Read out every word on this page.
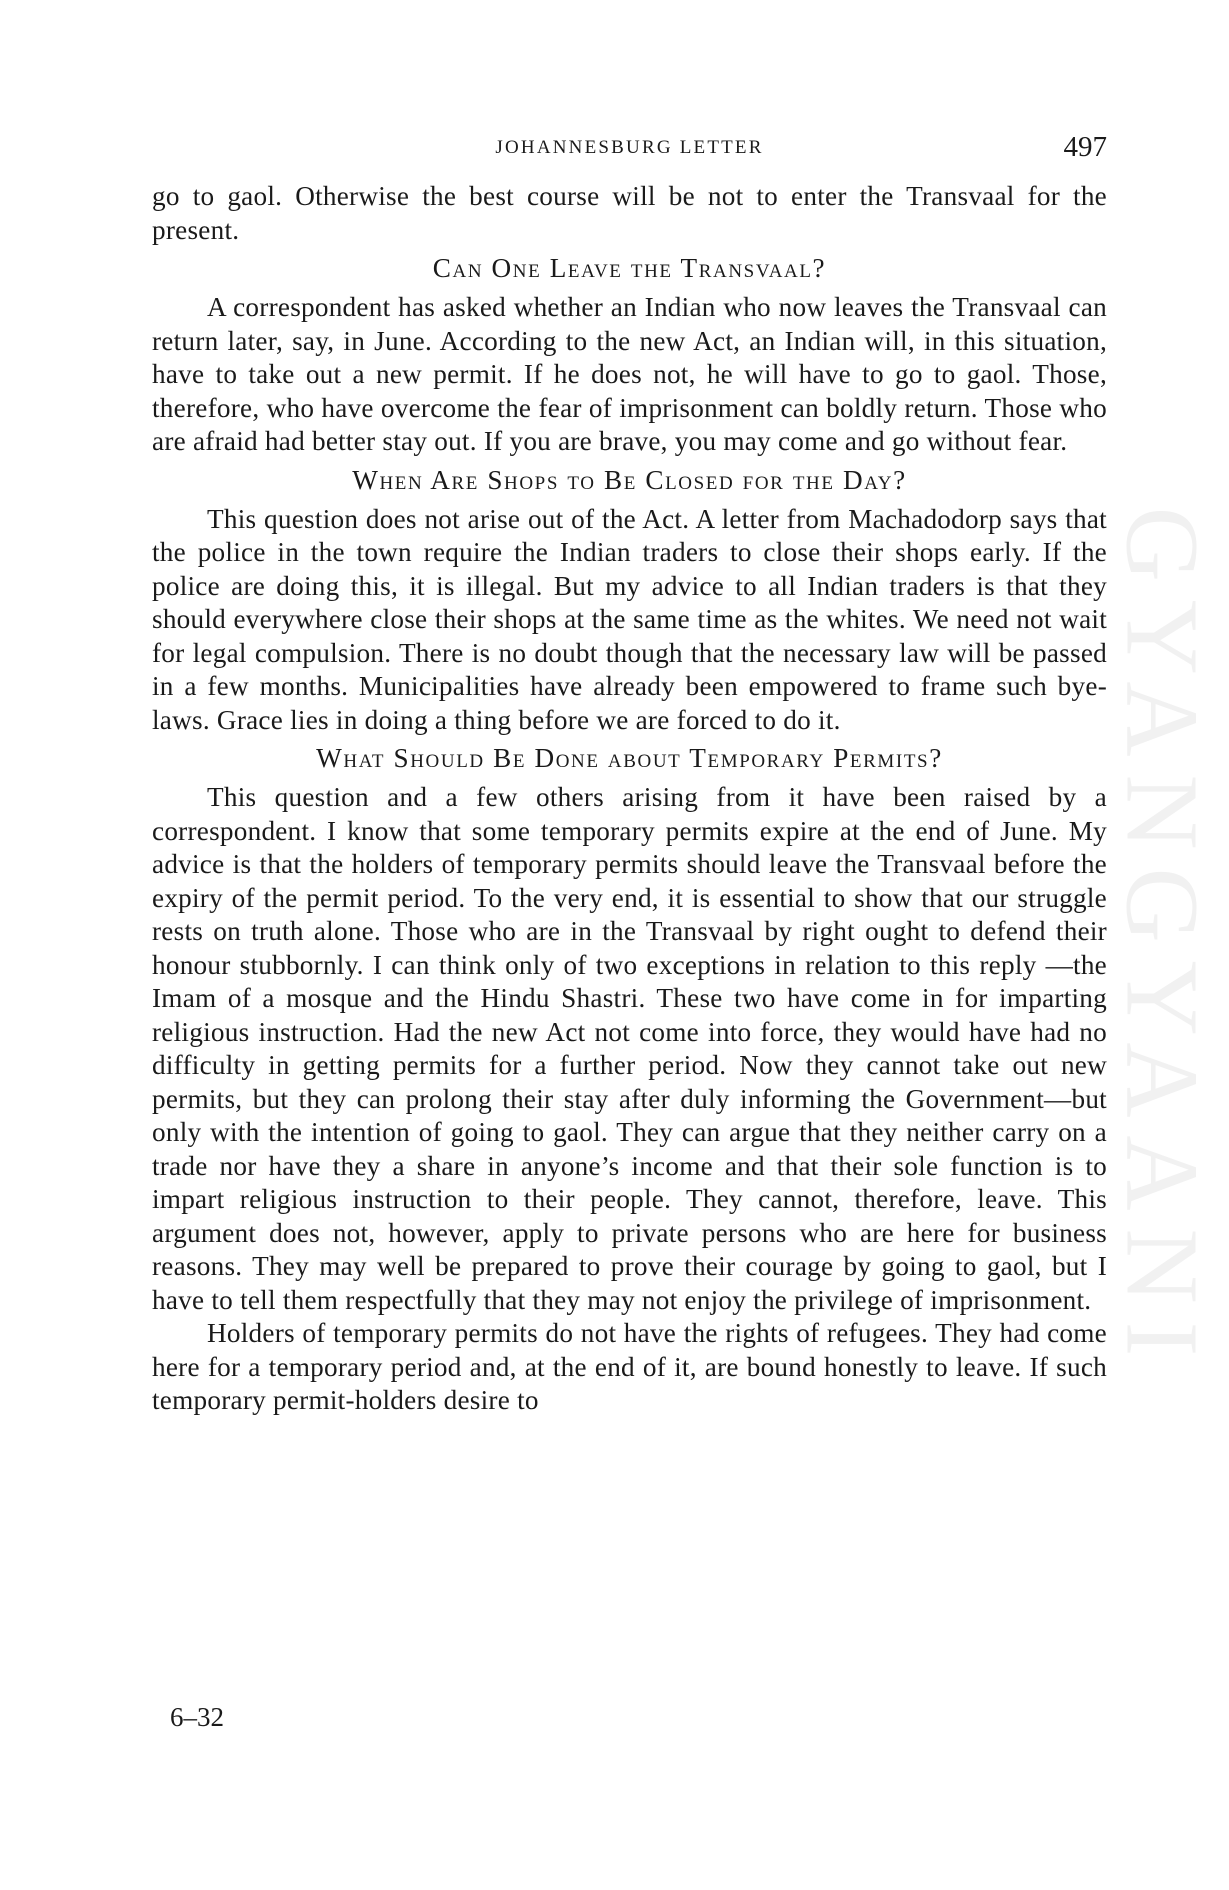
GYANGYAANI
JOHANNESBURG LETTER	497

go to gaol. Otherwise the best course will be not to enter the Transvaal for the present.

Can One Leave the Transvaal?

A correspondent has asked whether an Indian who now leaves the Transvaal can return later, say, in June. According to the new Act, an Indian will, in this situation, have to take out a new permit. If he does not, he will have to go to gaol. Those, therefore, who have overcome the fear of imprisonment can boldly return. Those who are afraid had better stay out. If you are brave, you may come and go without fear.

When Are Shops to Be Closed for the Day?

This question does not arise out of the Act. A letter from Machadodorp says that the police in the town require the Indian traders to close their shops early. If the police are doing this, it is illegal. But my advice to all Indian traders is that they should everywhere close their shops at the same time as the whites. We need not wait for legal compulsion. There is no doubt though that the necessary law will be passed in a few months. Municipalities have already been empowered to frame such bye-laws. Grace lies in doing a thing before we are forced to do it.

What Should Be Done about Temporary Permits?

This question and a few others arising from it have been raised by a correspondent. I know that some temporary permits expire at the end of June. My advice is that the holders of temporary permits should leave the Transvaal before the expiry of the permit period. To the very end, it is essential to show that our struggle rests on truth alone. Those who are in the Transvaal by right ought to defend their honour stubbornly. I can think only of two exceptions in relation to this reply —the Imam of a mosque and the Hindu Shastri. These two have come in for imparting religious instruction. Had the new Act not come into force, they would have had no difficulty in getting permits for a further period. Now they cannot take out new permits, but they can prolong their stay after duly informing the Government—but only with the intention of going to gaol. They can argue that they neither carry on a trade nor have they a share in anyone’s income and that their sole function is to impart religious instruction to their people. They cannot, therefore, leave. This argument does not, however, apply to private persons who are here for business reasons. They may well be prepared to prove their courage by going to gaol, but I have to tell them respectfully that they may not enjoy the privilege of imprisonment.

Holders of temporary permits do not have the rights of refugees. They had come here for a temporary period and, at the end of it, are bound honestly to leave. If such temporary permit-holders desire to

6–32
